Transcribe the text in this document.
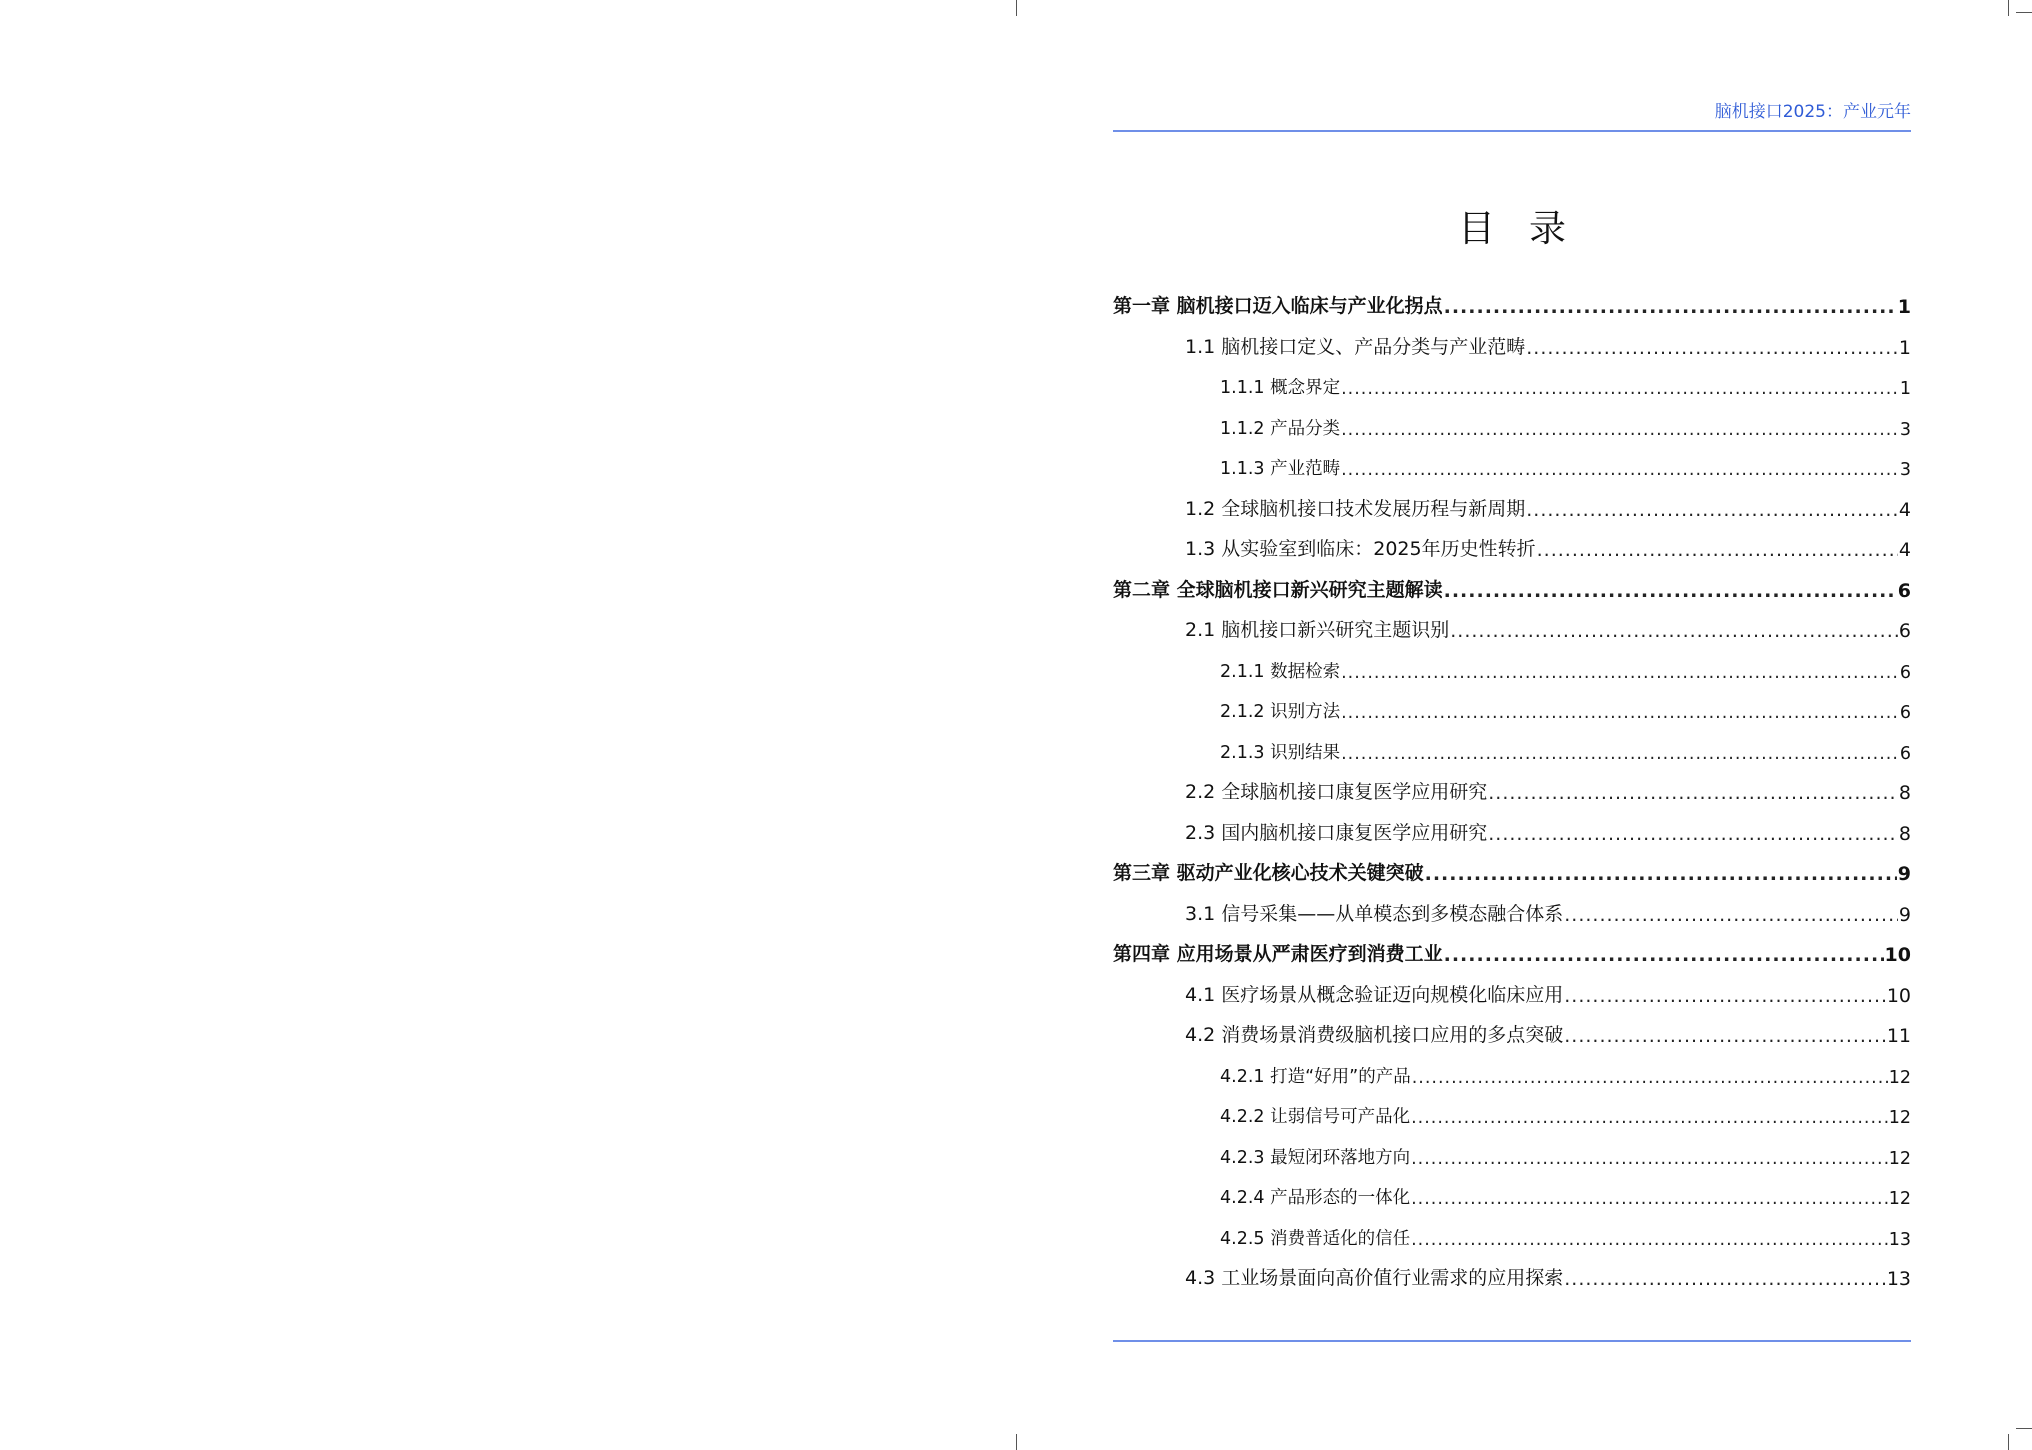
脑机接口2025：产业元年
目录
第一章 脑机接口迈入临床与产业化拐点 .....	1
1.1 脑机接口定义、产品分类与产业范畴 .....	1
1.1.1 概念界定 .....	1
1.1.2 产品分类 .....	3
1.1.3 产业范畴 .....	3
1.2 全球脑机接口技术发展历程与新周期 .....	4
1.3 从实验室到临床：2025年历史性转折 .....	4
第二章 全球脑机接口新兴研究主题解读 .....	6
2.1 脑机接口新兴研究主题识别 .....	6
2.1.1 数据检索 .....	6
2.1.2 识别方法 .....	6
2.1.3 识别结果 .....	6
2.2 全球脑机接口康复医学应用研究 .....	8
2.3 国内脑机接口康复医学应用研究 .....	8
第三章 驱动产业化核心技术关键突破 .....	9
3.1 信号采集——从单模态到多模态融合体系 .....	9
第四章 应用场景从严肃医疗到消费工业 .....	10
4.1 医疗场景从概念验证迈向规模化临床应用 .....	10
4.2 消费场景消费级脑机接口应用的多点突破 .....	11
4.2.1 打造“好用”的产品 .....	12
4.2.2 让弱信号可产品化 .....	12
4.2.3 最短闭环落地方向 .....	12
4.2.4 产品形态的一体化 .....	12
4.2.5 消费普适化的信任 .....	13
4.3 工业场景面向高价值行业需求的应用探索 .....	13
